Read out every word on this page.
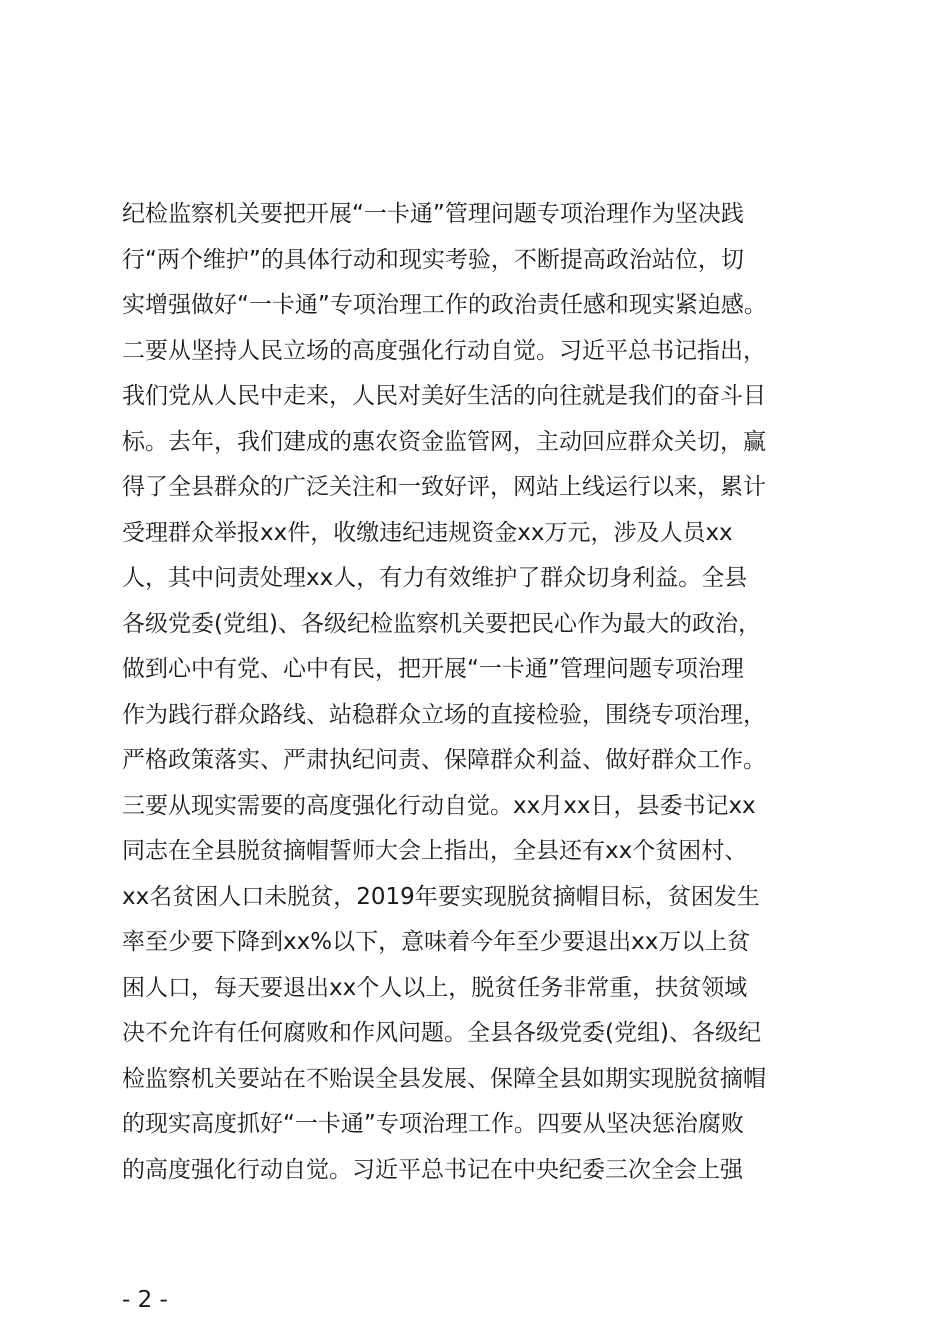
纪检监察机关要把开展“一卡通”管理问题专项治理作为坚决践
行“两个维护”的具体行动和现实考验，不断提高政治站位，切
实增强做好“一卡通”专项治理工作的政治责任感和现实紧迫感。
二要从坚持人民立场的高度强化行动自觉。习近平总书记指出，
我们党从人民中走来，人民对美好生活的向往就是我们的奋斗目
标。去年，我们建成的惠农资金监管网，主动回应群众关切，赢
得了全县群众的广泛关注和一致好评，网站上线运行以来，累计
受理群众举报xx件，收缴违纪违规资金xx万元，涉及人员xx
人，其中问责处理xx人，有力有效维护了群众切身利益。全县
各级党委(党组)、各级纪检监察机关要把民心作为最大的政治，
做到心中有党、心中有民，把开展“一卡通”管理问题专项治理
作为践行群众路线、站稳群众立场的直接检验，围绕专项治理，
严格政策落实、严肃执纪问责、保障群众利益、做好群众工作。
三要从现实需要的高度强化行动自觉。xx月xx日，县委书记xx
同志在全县脱贫摘帽誓师大会上指出，全县还有xx个贫困村、
xx名贫困人口未脱贫，2019年要实现脱贫摘帽目标，贫困发生
率至少要下降到xx%以下，意味着今年至少要退出xx万以上贫
困人口，每天要退出xx个人以上，脱贫任务非常重，扶贫领域
决不允许有任何腐败和作风问题。全县各级党委(党组)、各级纪
检监察机关要站在不贻误全县发展、保障全县如期实现脱贫摘帽
的现实高度抓好“一卡通”专项治理工作。四要从坚决惩治腐败
的高度强化行动自觉。习近平总书记在中央纪委三次全会上强
- 2 -
